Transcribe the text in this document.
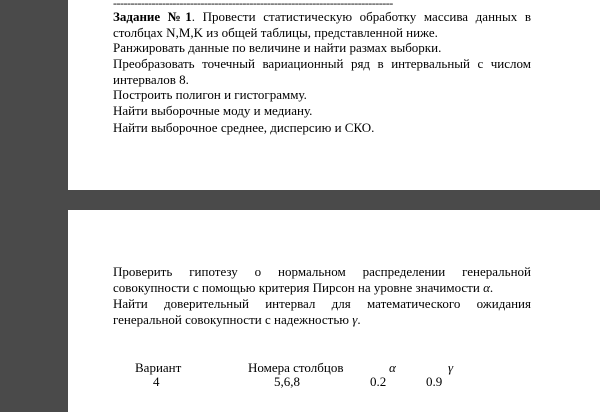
--------------------------------------------------------------------------------

Задание №1. Провести статистическую обработку массива данных в столбцах N,M,K из общей таблицы, представленной ниже.

Ранжировать данные по величине и найти размах выборки.

Преобразовать точечный вариационный ряд в интервальный с числом интервалов 8.

Построить полигон и гистограмму.

Найти выборочные моду и медиану.

Найти выборочное среднее, дисперсию и СКО.

Проверить гипотезу о нормальном распределении генеральной совокупности с помощью критерия Пирсон на уровне значимости α.

Найти доверительный интервал для математического ожидания генеральной совокупности с надежностью γ.

Вариант	Номера столбцов	α	γ
4	5,6,8	0.2	0.9
